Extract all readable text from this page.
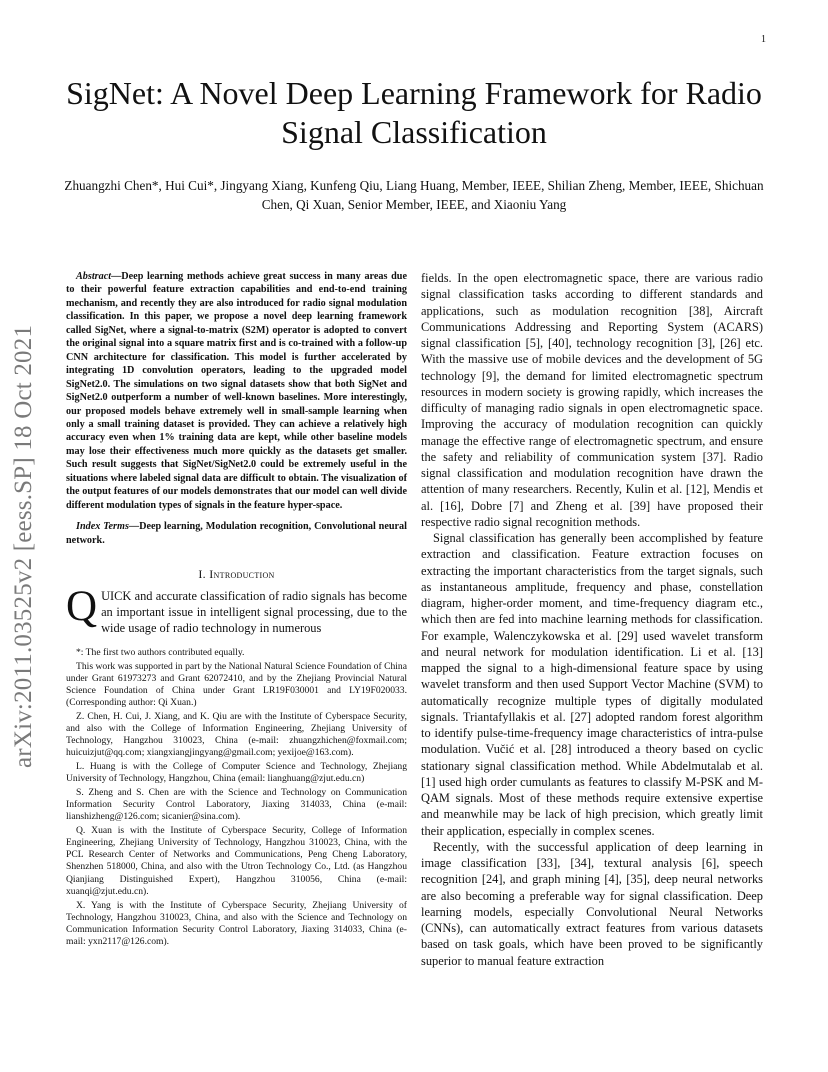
1
arXiv:2011.03525v2 [eess.SP] 18 Oct 2021
SigNet: A Novel Deep Learning Framework for Radio Signal Classification
Zhuangzhi Chen*, Hui Cui*, Jingyang Xiang, Kunfeng Qiu, Liang Huang, Member, IEEE, Shilian Zheng, Member, IEEE, Shichuan Chen, Qi Xuan, Senior Member, IEEE, and Xiaoniu Yang

Abstract—Deep learning methods achieve great success in many areas due to their powerful feature extraction capabilities and end-to-end training mechanism, and recently they are also introduced for radio signal modulation classification. In this paper, we propose a novel deep learning framework called SigNet, where a signal-to-matrix (S2M) operator is adopted to convert the original signal into a square matrix first and is co-trained with a follow-up CNN architecture for classification. This model is further accelerated by integrating 1D convolution operators, leading to the upgraded model SigNet2.0. The simulations on two signal datasets show that both SigNet and SigNet2.0 outperform a number of well-known baselines. More interestingly, our proposed models behave extremely well in small-sample learning when only a small training dataset is provided. They can achieve a relatively high accuracy even when 1% training data are kept, while other baseline models may lose their effectiveness much more quickly as the datasets get smaller. Such result suggests that SigNet/SigNet2.0 could be extremely useful in the situations where labeled signal data are difficult to obtain. The visualization of the output features of our models demonstrates that our model can well divide different modulation types of signals in the feature hyper-space.

Index Terms—Deep learning, Modulation recognition, Convolutional neural network.

I. Introduction

QUICK and accurate classification of radio signals has become an important issue in intelligent signal processing, due to the wide usage of radio technology in numerous

*: The first two authors contributed equally.

This work was supported in part by the National Natural Science Foundation of China under Grant 61973273 and Grant 62072410, and by the Zhejiang Provincial Natural Science Foundation of China under Grant LR19F030001 and LY19F020033. (Corresponding author: Qi Xuan.)

Z. Chen, H. Cui, J. Xiang, and K. Qiu are with the Institute of Cyberspace Security, and also with the College of Information Engineering, Zhejiang University of Technology, Hangzhou 310023, China (e-mail: zhuangzhichen@foxmail.com; huicuizjut@qq.com; xiangxiangjingyang@gmail.com; yexijoe@163.com).

L. Huang is with the College of Computer Science and Technology, Zhejiang University of Technology, Hangzhou, China (email: lianghuang@zjut.edu.cn)

S. Zheng and S. Chen are with the Science and Technology on Communication Information Security Control Laboratory, Jiaxing 314033, China (e-mail: lianshizheng@126.com; sicanier@sina.com).

Q. Xuan is with the Institute of Cyberspace Security, College of Information Engineering, Zhejiang University of Technology, Hangzhou 310023, China, with the PCL Research Center of Networks and Communications, Peng Cheng Laboratory, Shenzhen 518000, China, and also with the Utron Technology Co., Ltd. (as Hangzhou Qianjiang Distinguished Expert), Hangzhou 310056, China (e-mail: xuanqi@zjut.edu.cn).

X. Yang is with the Institute of Cyberspace Security, Zhejiang University of Technology, Hangzhou 310023, China, and also with the Science and Technology on Communication Information Security Control Laboratory, Jiaxing 314033, China (e-mail: yxn2117@126.com).

fields. In the open electromagnetic space, there are various radio signal classification tasks according to different standards and applications, such as modulation recognition [38], Aircraft Communications Addressing and Reporting System (ACARS) signal classification [5], [40], technology recognition [3], [26] etc. With the massive use of mobile devices and the development of 5G technology [9], the demand for limited electromagnetic spectrum resources in modern society is growing rapidly, which increases the difficulty of managing radio signals in open electromagnetic space. Improving the accuracy of modulation recognition can quickly manage the effective range of electromagnetic spectrum, and ensure the safety and reliability of communication system [37]. Radio signal classification and modulation recognition have drawn the attention of many researchers. Recently, Kulin et al. [12], Mendis et al. [16], Dobre [7] and Zheng et al. [39] have proposed their respective radio signal recognition methods.

Signal classification has generally been accomplished by feature extraction and classification. Feature extraction focuses on extracting the important characteristics from the target signals, such as instantaneous amplitude, frequency and phase, constellation diagram, higher-order moment, and time-frequency diagram etc., which then are fed into machine learning methods for classification. For example, Walenczykowska et al. [29] used wavelet transform and neural network for modulation identification. Li et al. [13] mapped the signal to a high-dimensional feature space by using wavelet transform and then used Support Vector Machine (SVM) to automatically recognize multiple types of digitally modulated signals. Triantafyllakis et al. [27] adopted random forest algorithm to identify pulse-time-frequency image characteristics of intra-pulse modulation. Vučić et al. [28] introduced a theory based on cyclic stationary signal classification method. While Abdelmutalab et al. [1] used high order cumulants as features to classify M-PSK and M-QAM signals. Most of these methods require extensive expertise and meanwhile may be lack of high precision, which greatly limit their application, especially in complex scenes.

Recently, with the successful application of deep learning in image classification [33], [34], textural analysis [6], speech recognition [24], and graph mining [4], [35], deep neural networks are also becoming a preferable way for signal classification. Deep learning models, especially Convolutional Neural Networks (CNNs), can automatically extract features from various datasets based on task goals, which have been proved to be significantly superior to manual feature extraction
